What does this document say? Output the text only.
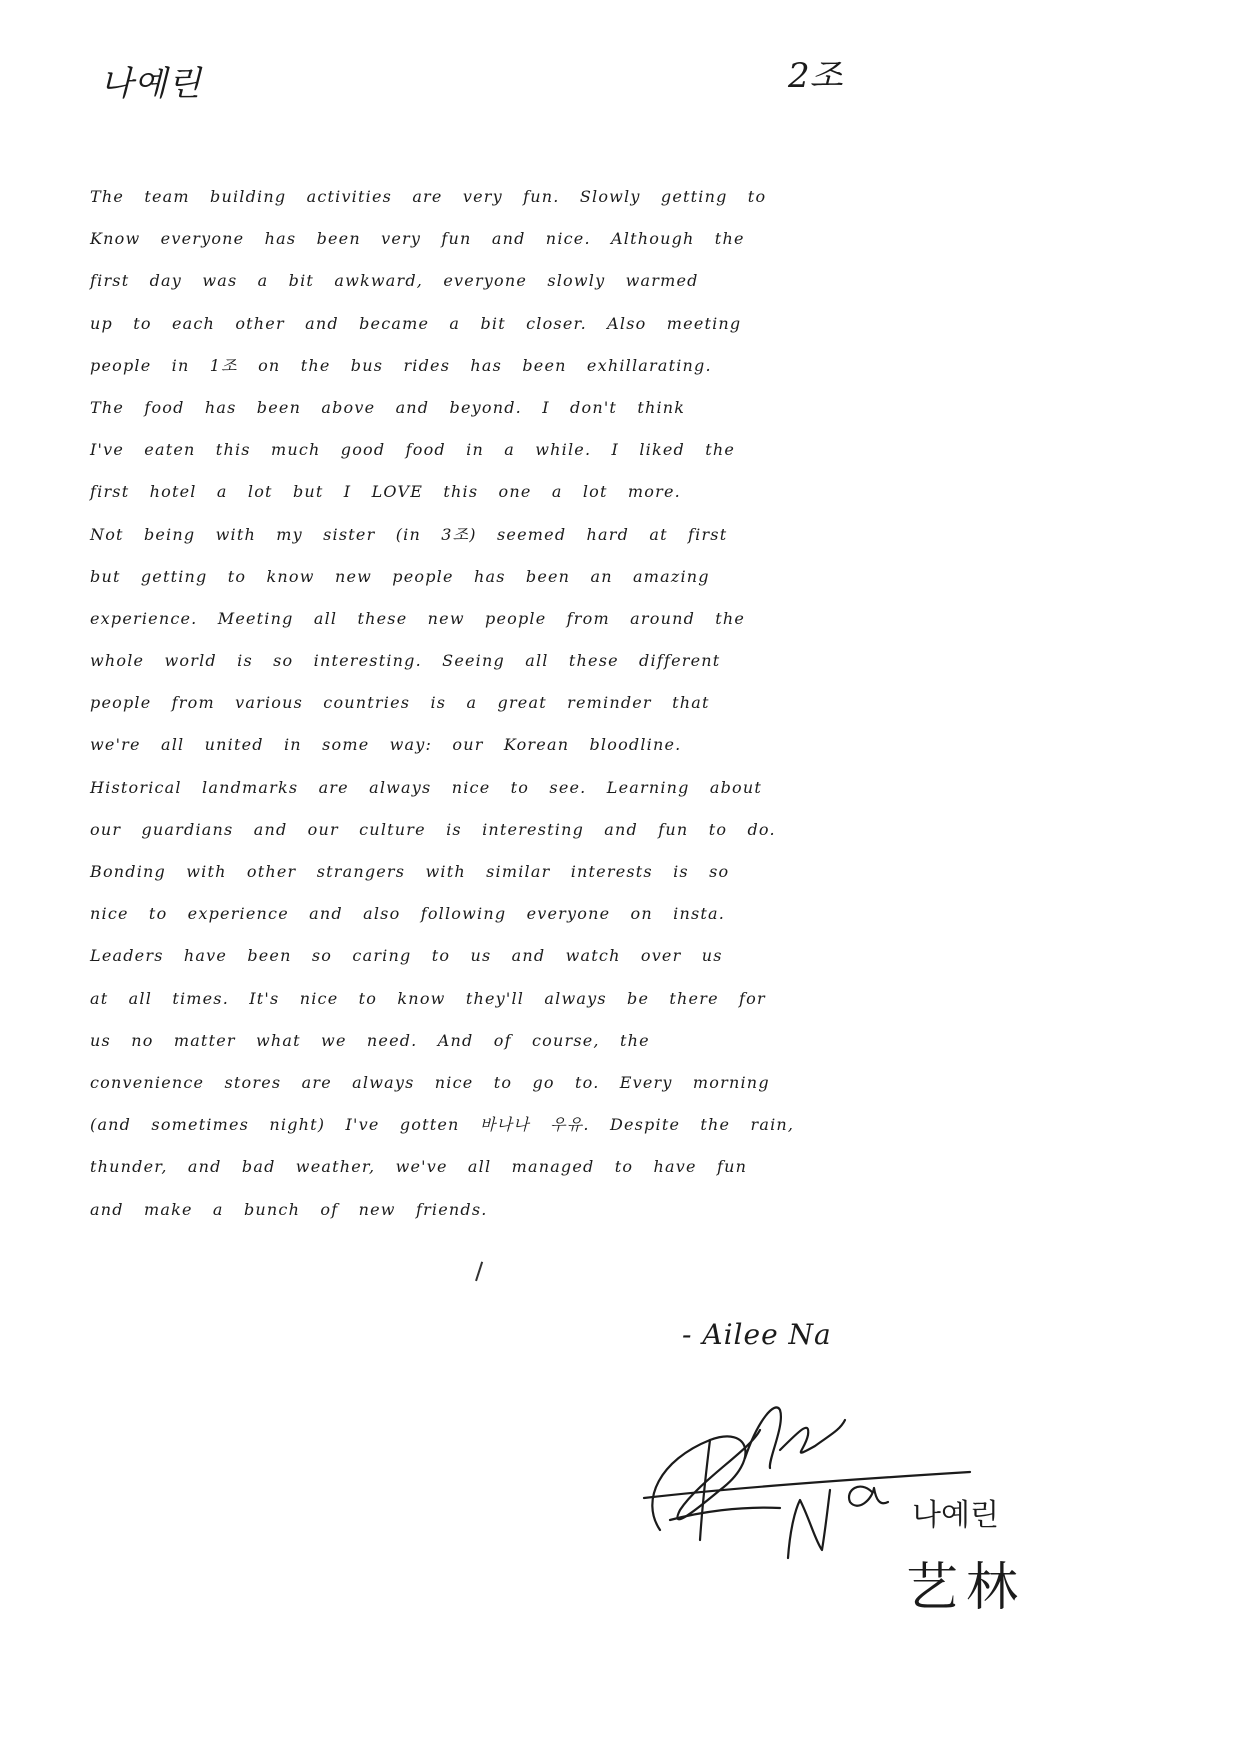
나예린	2조
The team building activities are very fun. Slowly getting to
Know everyone has been very fun and nice. Although the
first day was a bit awkward, everyone slowly warmed
up to each other and became a bit closer. Also meeting
people in 1조 on the bus rides has been exhillarating.
The food has been above and beyond. I don't think
I've eaten this much good food in a while. I liked the
first hotel a lot but I LOVE this one a lot more.
Not being with my sister (in 3조) seemed hard at first
but getting to know new people has been an amazing
experience. Meeting all these new people from around the
whole world is so interesting. Seeing all these different
people from various countries is a great reminder that
we're all united in some way: our Korean bloodline.
Historical landmarks are always nice to see. Learning about
our guardians and our culture is interesting and fun to do.
Bonding with other strangers with similar interests is so
nice to experience and also following everyone on insta.
Leaders have been so caring to us and watch over us
at all times. It's nice to know they'll always be there for
us no matter what we need. And of course, the
convenience stores are always nice to go to. Every morning
(and sometimes night) I've gotten 바나나 우유. Despite the rain,
thunder, and bad weather, we've all managed to have fun
and make a bunch of new friends.
- Ailee Na
나예린
艺林
